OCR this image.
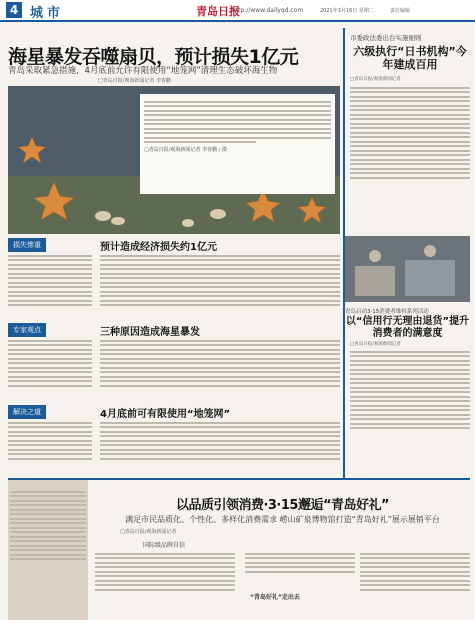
4 城市	青岛日报
http://www.dailyqd.com	2021年3月16日 星期二	责任编辑
海星暴发吞噬扇贝，预计损失1亿元
青岛采取紧急措施，4月底前允许有限使用“地笼网”清理生态破坏海生物
□青岛日报/观海新闻记者 李春鹏
□青岛日报/观海新闻记者 李春鹏 / 摄
损失惨重
专家观点
解决之道
预计造成经济损失约1亿元
三种原因造成海星暴发
4月底前可有限使用“地笼网”
市委政法委出台实施细则
六级执行“日书机构”今年建成百用
□青岛日报/观海新闻记者
青岛启动3·15消费者维权系列活动
以“信用行无理由退货”提升消费者的满意度
□青岛日报/观海新闻记者
以品质引领消费·3·15邂逅“青岛好礼”
满足市民品质化、个性化、多样化消费需求 崂山矿泉博物馆打造“青岛好礼”展示展销平台
□青岛日报/观海新闻记者
国际级品牌自信
“青岛好礼”走出去
